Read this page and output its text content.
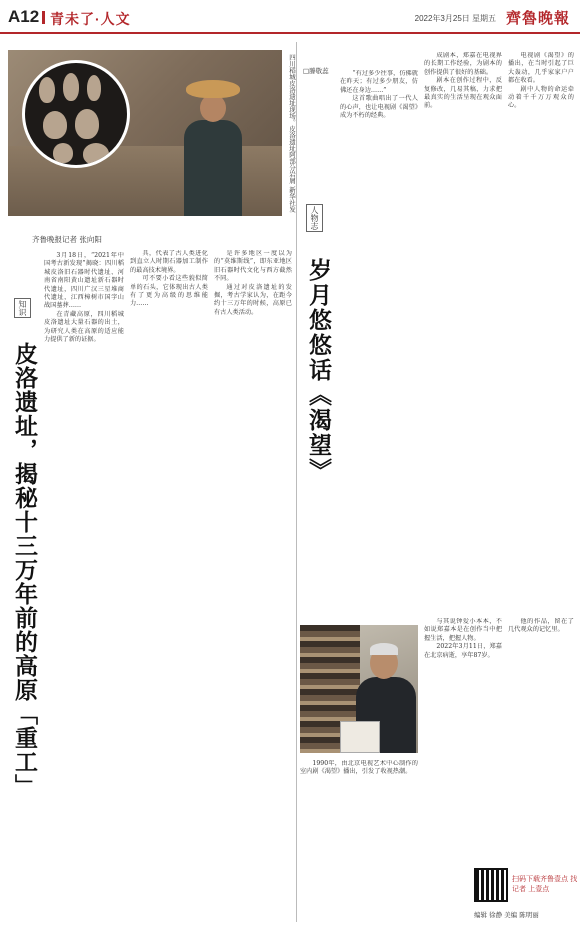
A12 青未了·人文	2022年3月25日 星期五 齊魯晚報
四川稻城皮洛遗址现场。皮洛遗址阿部分岩屑 新华社发
齐鲁晚报记者 张向阳
知识
皮洛遗址，揭秘十三万年前的高原「重工」

3月18日，“2021年中国考古新发现”揭晓：四川稻城皮洛旧石器时代遗址、河南省南阳黄山遗址新石器时代遗址，四川广汉三星堆商代遗址，江西樟树市国字山战国墓葬……

在青藏高原，四川稻城皮洛遗址大量石器的出土，为研究人类在高原的适应能力提供了新的证据。

具，代表了古人类进化到直立人时期石器加工制作的最高技术境界。

可不要小看这些貌似简单的石头，它体现出古人类有了更为高级的思维能力……

是许多地区一度以为的“莫维斯线”，即东亚地区旧石器时代文化与西方截然不同。

通过对皮洛遗址的发掘，考古学家认为，在距今约十三万年的时候，高原已有古人类活动。

□滕敬蕊
人物志
岁月悠悠话《渴望》

“有过多少往事，仿佛就在昨天；有过多少朋友，仿佛还在身边……”

这首歌曲唱出了一代人的心声，也让电视剧《渴望》成为不朽的经典。

成剧本，郑嘉在电视界的长期工作经验，为剧本的创作提供了很好的基础。

剧本在创作过程中，反复修改，几易其稿，力求把最真实的生活呈现在观众面前。

电视剧《渴望》的播出，在当时引起了巨大轰动，几乎家家户户都在收看。

剧中人物的命运牵动着千千万万观众的心。

1990年，由北京电视艺术中心制作的室内剧《渴望》播出，引发了收视热潮。

与其说钟爱小本本，不如说郑嘉本是在创作当中把握生活，把握人物。

2022年3月11日，郑嘉在北京病逝，享年87岁。

他的作品，留在了几代观众的记忆里。

扫码下载齐鲁壹点 找记者 上壹点
编辑 徐静 美编 陈明丽
